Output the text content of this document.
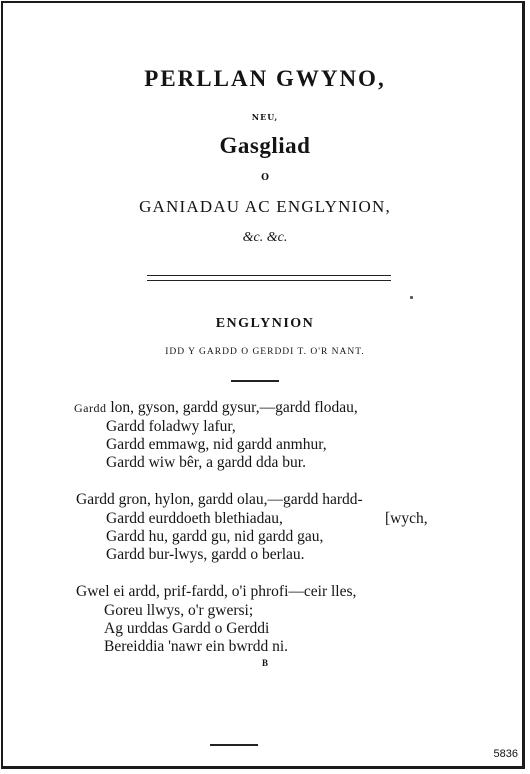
PERLLAN GWYNO,
NEU,
Gasgliad
O
GANIADAU AC ENGLYNION,
&c. &c.
ENGLYNION
IDD Y GARDD O GERDDI T. O'R NANT.
Gardd lon, gyson, gardd gysur,—gardd flodau,
Gardd foladwy lafur,
Gardd emmawg, nid gardd anmhur,
Gardd wiw bêr, a gardd dda bur.
Gardd gron, hylon, gardd olau,—gardd hardd-
Gardd eurddoeth blethiadau,	[wych,
Gardd hu, gardd gu, nid gardd gau,
Gardd bur-lwys, gardd o berlau.
Gwel ei ardd, prif-fardd, o'i phrofi—ceir lles,
Goreu llwys, o'r gwersi;
Ag urddas Gardd o Gerddi
Bereiddia 'nawr ein bwrdd ni.
B
5836
